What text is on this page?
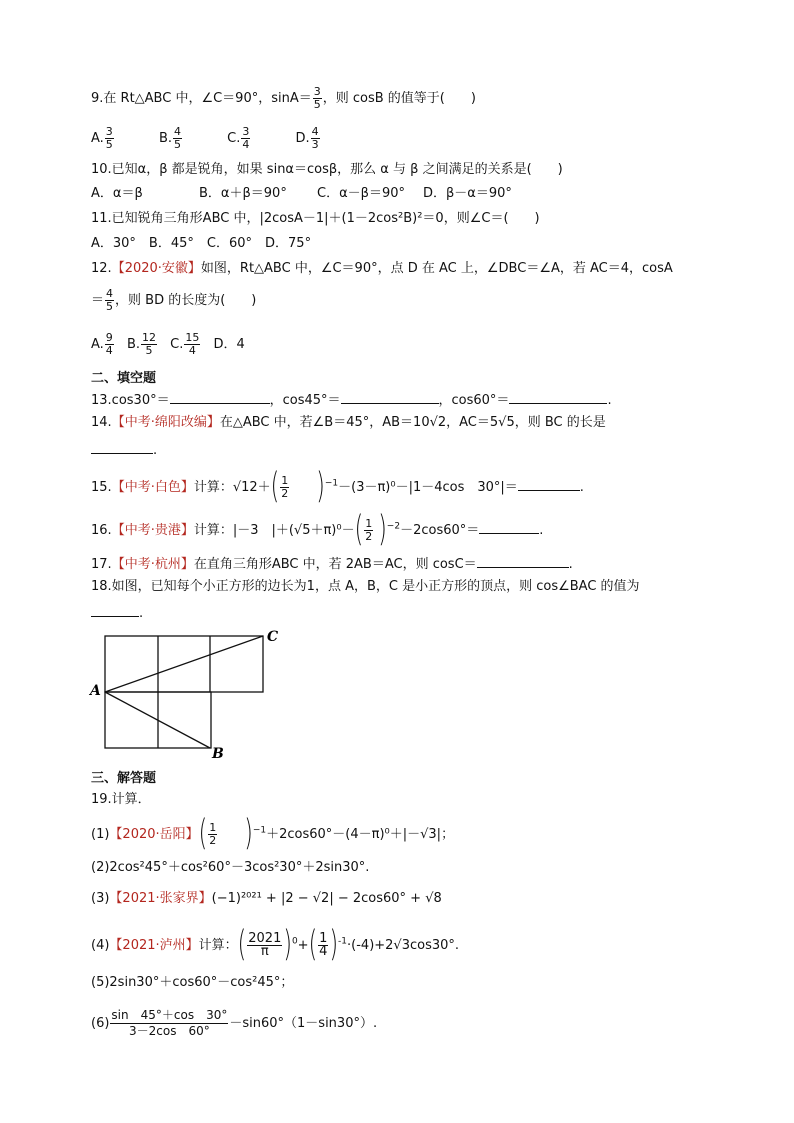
9.在 Rt△ABC 中，∠C＝90°，$\sin A= \frac{3}{5}$ ，则 cosB 的值等于(　　)
A. $\frac{3}{5}$	B. $\frac{4}{5}$	C. $\frac{3}{4}$	D. $\frac{4}{3}$
10.已知α，β 都是锐角，如果 sinα＝cosβ，那么 α 与 β 之间满足的关系是(　　)
A．α＝β	B．α＋β＝90° C．α－β＝90° D．β－α＝90°
11.已知锐角三角形ABC 中，|2cosA－1|＋(1－2cos²B)²＝0，则∠C＝(　　)
A．30°　B．45°　C．60°　D．75°
12.【2020·安徽】如图，Rt△ABC 中，∠C＝90°，点 D 在 AC 上，∠DBC＝∠A，若 AC＝4，cosA
＝ $\frac{4}{5}$ ，则 BD 的长度为(　　)
A. $\frac{9}{4} B$. $\frac{12}{5} C$. $\frac{15}{4}$ D．4
二、填空题
13.cos30°＝	，cos45°＝	，cos60°＝	.
14.【中考·绵阳改编】在△ABC 中，若∠B＝45°，AB＝10√2，AC＝5√5，则 BC 的长是
.
15.【中考·白色】计算：$√12+( \frac{1}{2} )^{-1}-(3-\pi)^0-|1-4\cos$　30°|＝	.
16.【中考·贵港】计算：|－3　$|+(√5+\pi)^0-( \frac{1}{2} )^{-2}-2\cos 60^\circ=$	.
17.【中考·杭州】在直角三角形ABC 中，若 2AB＝AC，则 cosC＝	.
18.如图，已知每个小正方形的边长为1，点 A，B，C 是小正方形的顶点，则 cos∠BAC 的值为
.
A
B
C
三、解答题
19.计算．
(1)【2020·岳阳】( $\frac{1}{2} )^{-1}+2\cos 60^\circ-(4-\pi)^0+|-√3|$；
(2)2cos²45°＋cos²60°－3cos²30°＋2sin30°.
(3)【2021·张家界】(−1)²⁰²¹ + |2 − √2| − 2cos60° + √8
(4)【2021·泸州】计算：( $\frac{2021}{\pi} )^0+( \frac{1}{4} )^{-1}\cdot(-4)+2√3\cos 30^\circ$.
(5)2sin30°＋cos60°－cos²45°；
$(6) \frac{\sin 45^\circ+\cos 30^\circ}{3-2\cos 60^\circ} -\sin 60^\circ(1-\sin 30^\circ)$.
